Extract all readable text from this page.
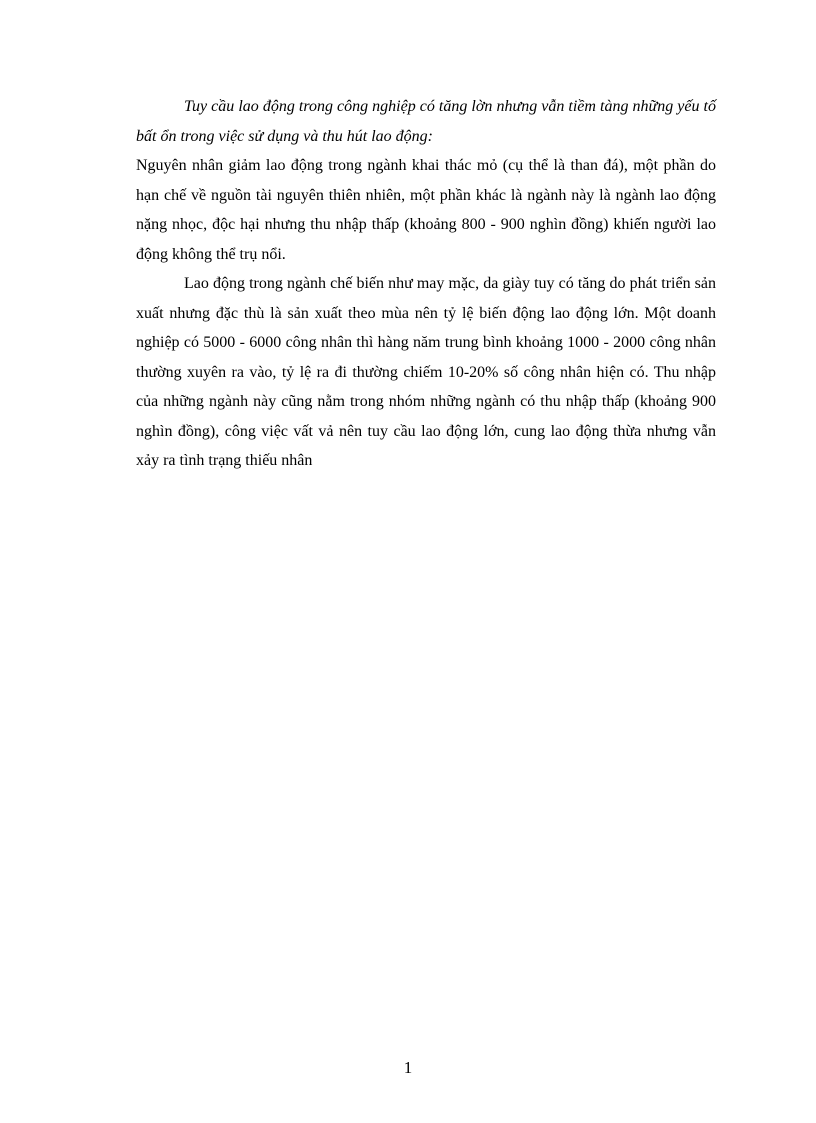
Tuy cầu lao động trong công nghiệp có tăng lờn nhưng vẫn tiềm tàng những yếu tố bất ổn trong việc sử dụng và thu hút lao động:

Nguyên nhân giảm lao động trong ngành khai thác mỏ (cụ thể là than đá), một phần do hạn chế về nguồn tài nguyên thiên nhiên, một phần khác là ngành này là ngành lao động nặng nhọc, độc hại nhưng thu nhập thấp (khoảng 800 - 900 nghìn đồng) khiến người lao động không thể trụ nổi.

Lao động trong ngành chế biến như may mặc, da giày tuy có tăng do phát triển sản xuất nhưng đặc thù là sản xuất theo mùa nên tỷ lệ biến động lao động lớn. Một doanh nghiệp có 5000 - 6000 công nhân thì hàng năm trung bình khoảng 1000 - 2000 công nhân thường xuyên ra vào, tỷ lệ ra đi thường chiếm 10-20% số công nhân hiện có. Thu nhập của những ngành này cũng nằm trong nhóm những ngành có thu nhập thấp (khoảng 900 nghìn đồng), công việc vất vả nên tuy cầu lao động lớn, cung lao động thừa nhưng vẫn xảy ra tình trạng thiếu nhân

1
